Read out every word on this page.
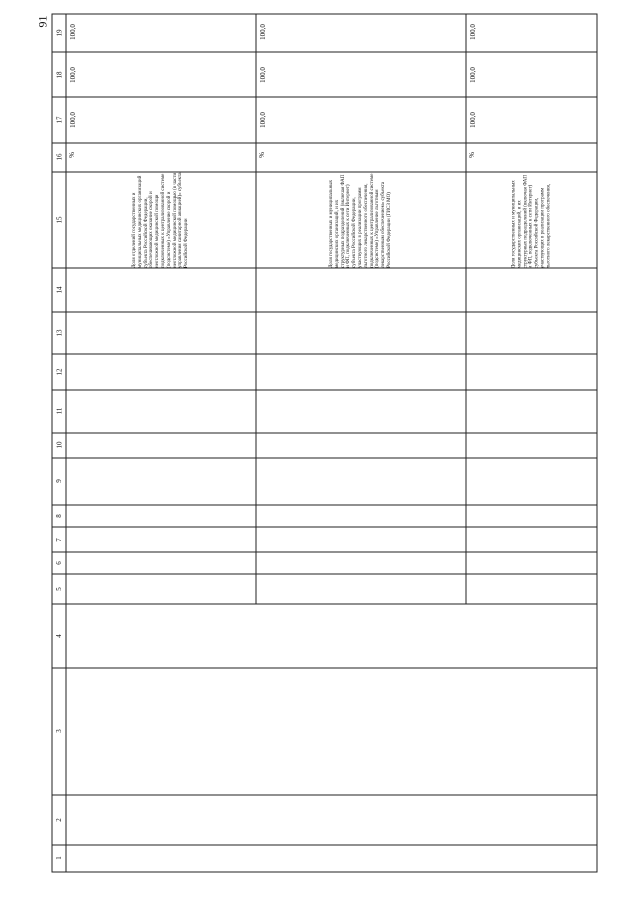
91
1
2
3
4
5
6
7
8
9
10
11
12
13
14
15
16
17
18
19
Доля отделений государственных и муниципальных медицинских организаций субъекта Российской Федерации, обеспечивающих оказание скорой и неотложной медицинской помощи подключенных к централизованной системе (подсистеме) «Управление скорой и неотложной медицинской помощью (в части управления санитарной авиацией)» субъекта Российской Федерации
%
100,0
100,0
100,0
Доля государственных и муниципальных медицинских организаций, и их структурных подразделений (включая ФАП и ФП, подключенных к сети Интернет) субъекта Российской Федерации, участвующих в реализации программ льготного лекарственного обеспечения, подключенных к централизованной системе (подсистеме) «Управление льготным лекарственным обеспечением» субъекта Российской Федерации (ГИСЗ МО)
%
100,0
100,0
100,0
Доля государственных и муниципальных медицинских организаций, и их структурных подразделений (включая ФАП и ФП, подключенных к сети Интернет) субъекта Российской Федерации, участвующих в реализации программ льготного лекарственного обеспечения,
%
100,0
100,0
100,0
